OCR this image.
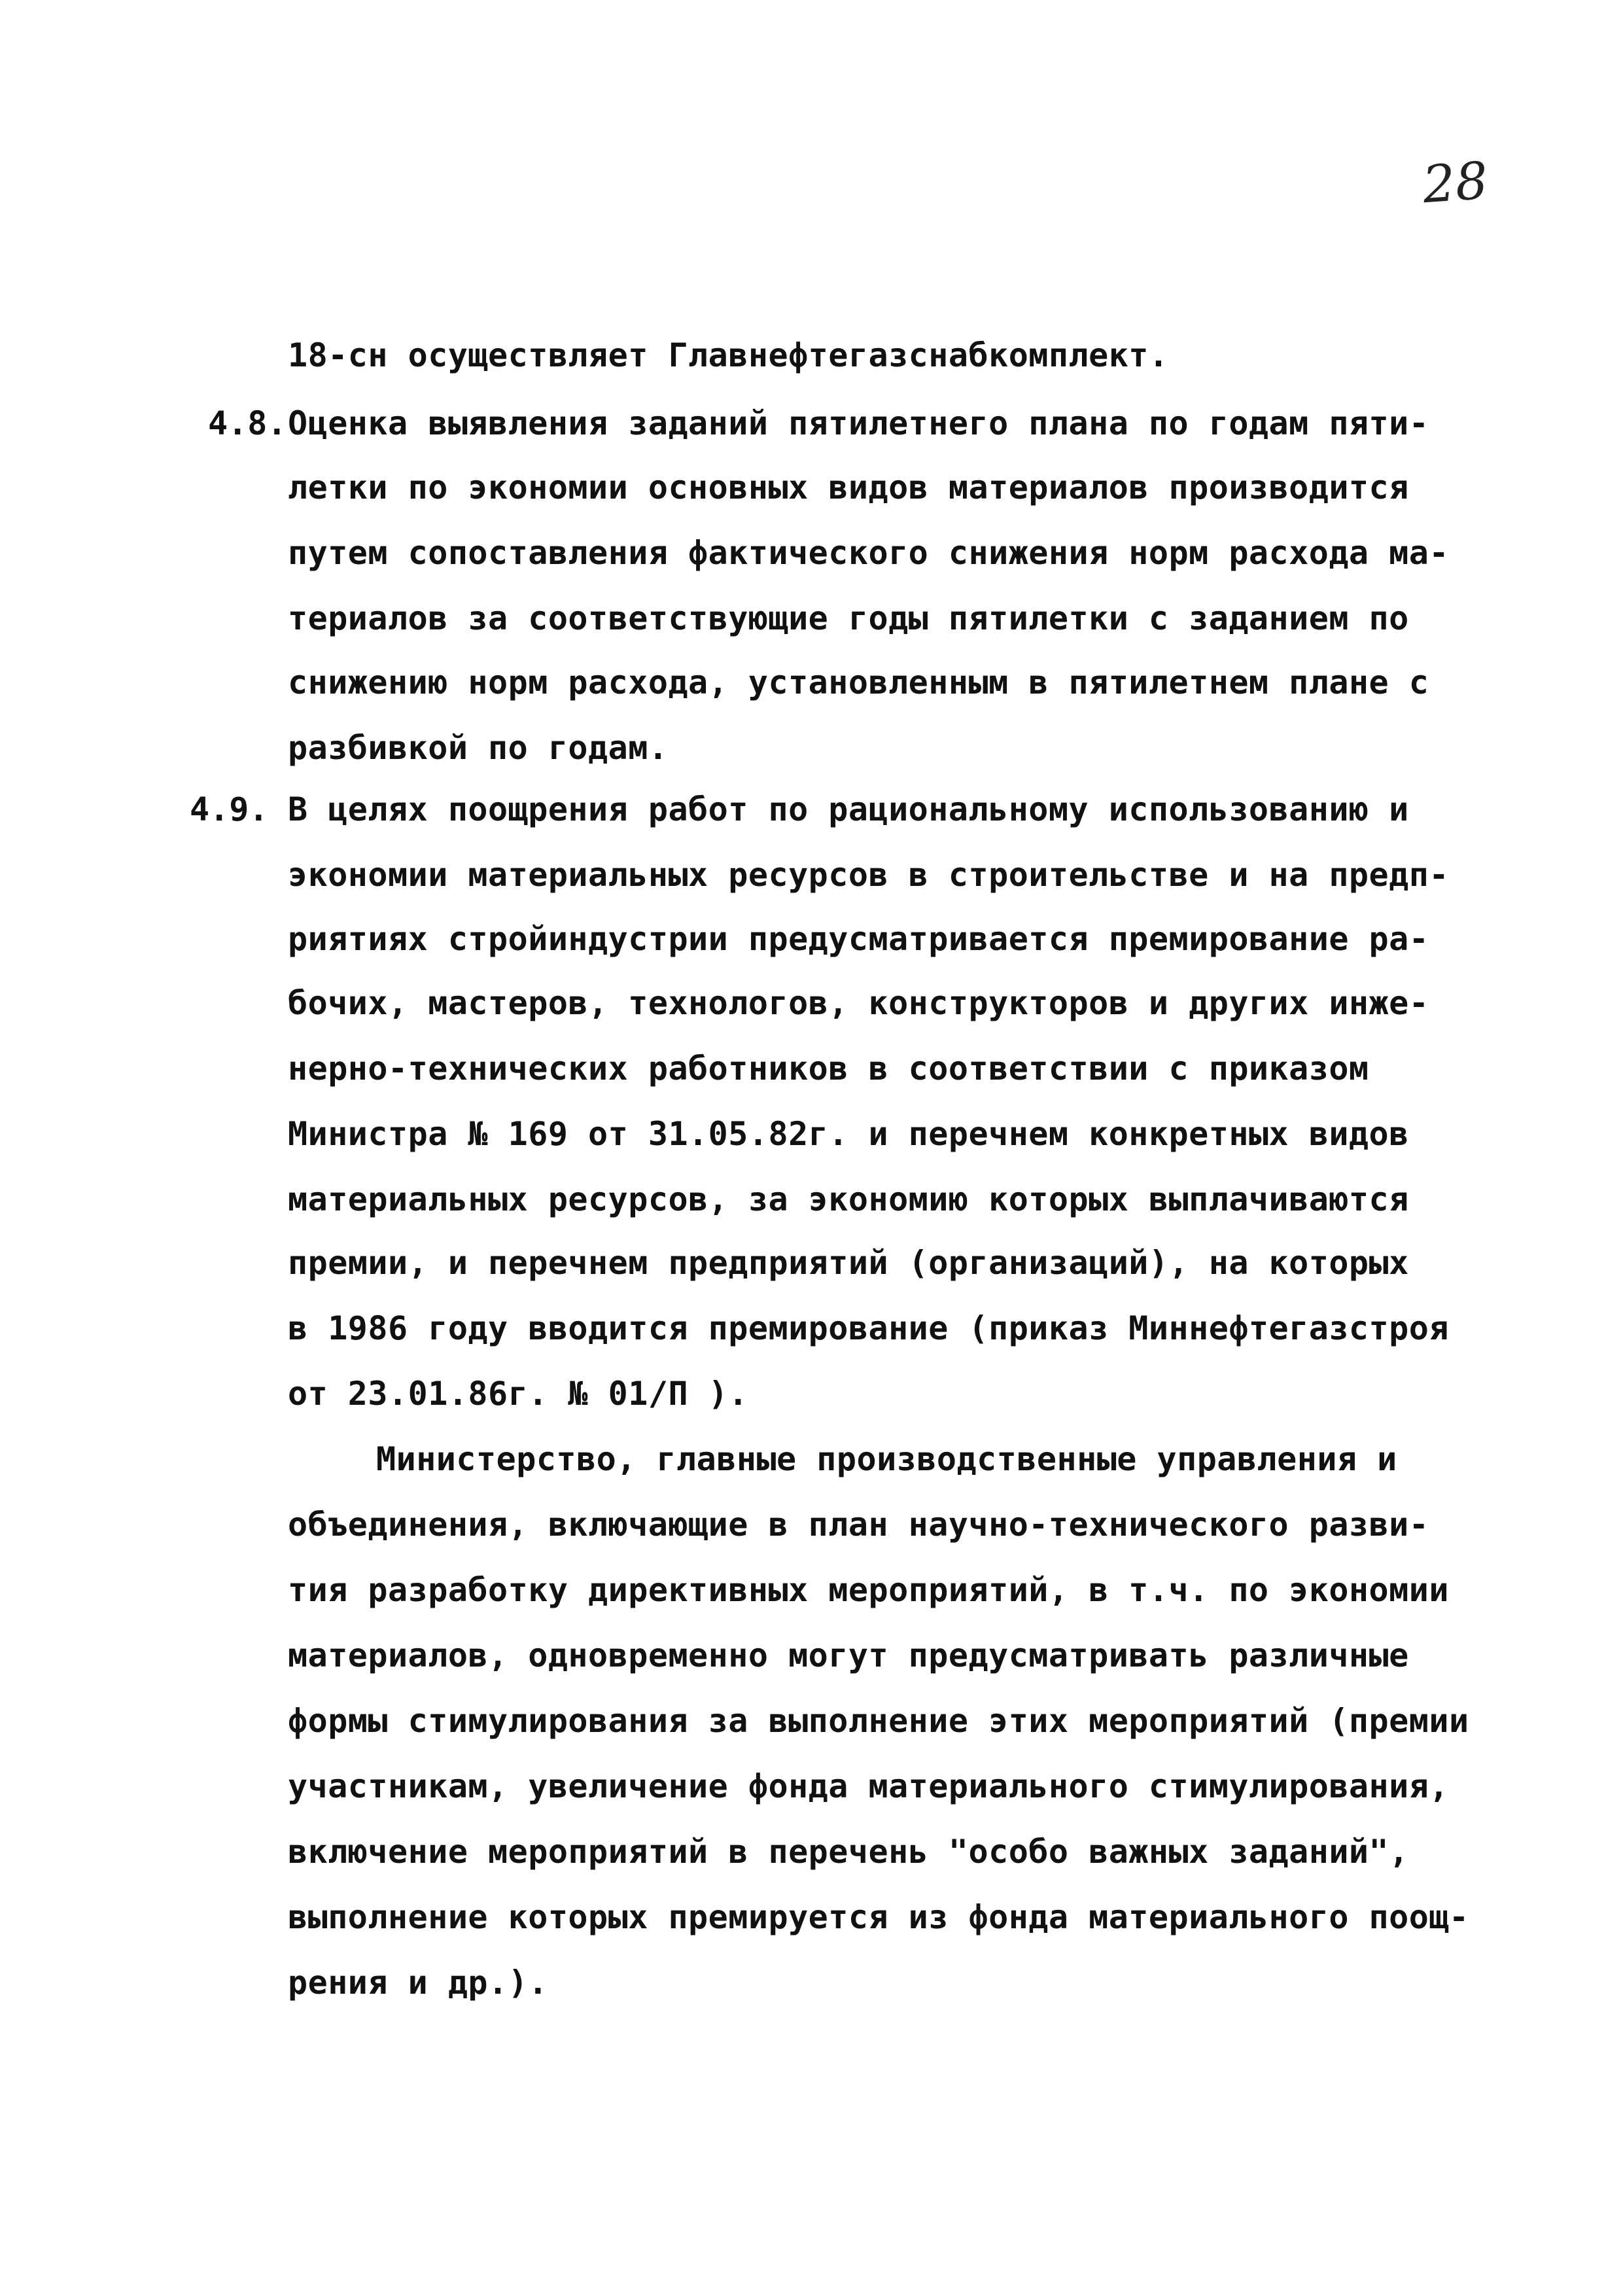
28
4.8.
4.9.
18-сн осуществляет Главнефтегазснабкомплект.
Оценка выявления заданий пятилетнего плана по годам пяти-
летки по экономии основных видов материалов производится
путем сопоставления фактического снижения норм расхода ма-
териалов за соответствующие годы пятилетки с заданием по
снижению норм расхода, установленным в пятилетнем плане с
разбивкой по годам.
В целях поощрения работ по рациональному использованию и
экономии материальных ресурсов в строительстве и на предп-
риятиях стройиндустрии предусматривается премирование ра-
бочих, мастеров, технологов, конструкторов и других инже-
нерно-технических работников в соответствии с приказом
Министра № 169 от 31.05.82г. и перечнем конкретных видов
материальных ресурсов, за экономию которых выплачиваются
премии, и перечнем предприятий (организаций), на которых
в 1986 году вводится премирование (приказ Миннефтегазстроя
от 23.01.86г. № 01/П ).
Министерство, главные производственные управления и
объединения, включающие в план научно-технического разви-
тия разработку директивных мероприятий, в т.ч. по экономии
материалов, одновременно могут предусматривать различные
формы стимулирования за выполнение этих мероприятий (премии
участникам, увеличение фонда материального стимулирования,
включение мероприятий в перечень "особо важных заданий",
выполнение которых премируется из фонда материального поощ-
рения и др.).
